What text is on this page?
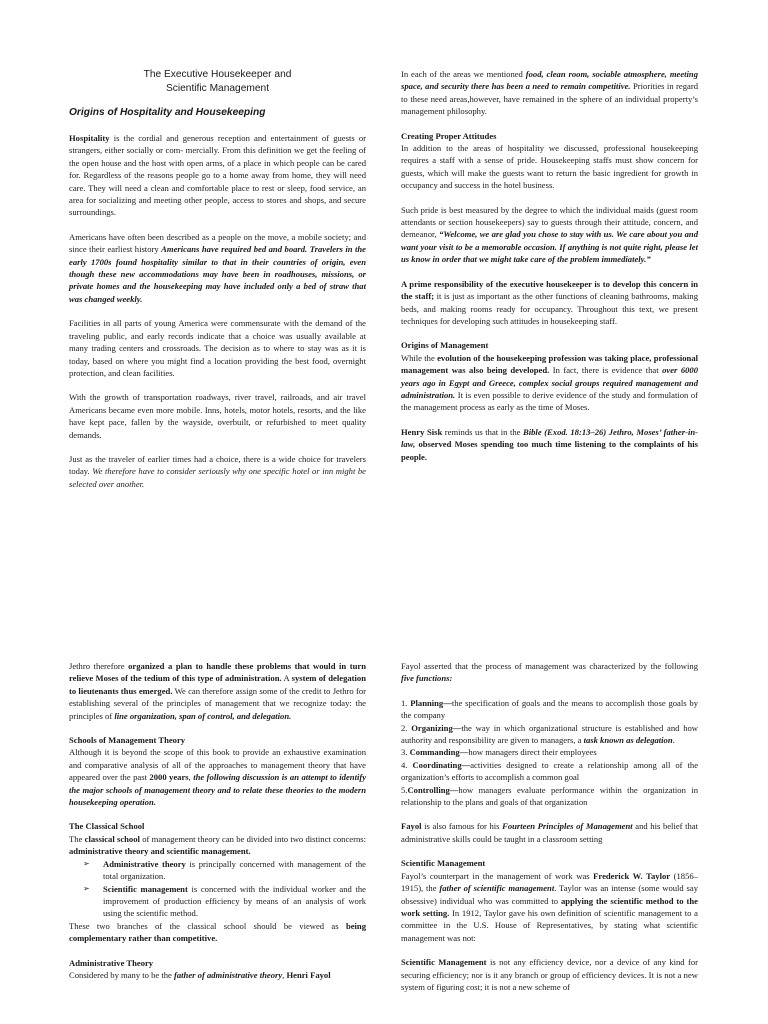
The Executive Housekeeper and
Scientific Management
Origins of Hospitality and Housekeeping

Hospitality is the cordial and generous reception and entertainment of guests or strangers, either socially or com- mercially. From this definition we get the feeling of the open house and the host with open arms, of a place in which people can be cared for. Regardless of the reasons people go to a home away from home, they will need care. They will need a clean and comfortable place to rest or sleep, food service, an area for socializing and meeting other people, access to stores and shops, and secure surroundings.

Americans have often been described as a people on the move, a mobile society; and since their earliest history Americans have required bed and board. Travelers in the early 1700s found hospitality similar to that in their countries of origin, even though these new accommodations may have been in roadhouses, missions, or private homes and the housekeeping may have included only a bed of straw that was changed weekly.

Facilities in all parts of young America were commensurate with the demand of the traveling public, and early records indicate that a choice was usually available at many trading centers and crossroads. The decision as to where to stay was as it is today, based on where you might find a location providing the best food, overnight protection, and clean facilities.

With the growth of transportation roadways, river travel, railroads, and air travel Americans became even more mobile. Inns, hotels, motor hotels, resorts, and the like have kept pace, fallen by the wayside, overbuilt, or refurbished to meet quality demands.

Just as the traveler of earlier times had a choice, there is a wide choice for travelers today. We therefore have to consider seriously why one specific hotel or inn might be selected over another.

In each of the areas we mentioned food, clean room, sociable atmosphere, meeting space, and security there has been a need to remain competitive. Priorities in regard to these need areas,however, have remained in the sphere of an individual property’s management philosophy.

Creating Proper Attitudes
In addition to the areas of hospitality we discussed, professional housekeeping requires a staff with a sense of pride. Housekeeping staffs must show concern for guests, which will make the guests want to return the basic ingredient for growth in occupancy and success in the hotel business.

Such pride is best measured by the degree to which the individual maids (guest room attendants or section housekeepers) say to guests through their attitude, concern, and demeanor, “Welcome, we are glad you chose to stay with us. We care about you and want your visit to be a memorable occasion. If anything is not quite right, please let us know in order that we might take care of the problem immediately.”

A prime responsibility of the executive housekeeper is to develop this concern in the staff; it is just as important as the other functions of cleaning bathrooms, making beds, and making rooms ready for occupancy. Throughout this text, we present techniques for developing such attitudes in housekeeping staff.

Origins of Management
While the evolution of the housekeeping profession was taking place, professional management was also being developed. In fact, there is evidence that over 6000 years ago in Egypt and Greece, complex social groups required management and administration. It is even possible to derive evidence of the study and formulation of the management process as early as the time of Moses.

Henry Sisk reminds us that in the Bible (Exod. 18:13–26) Jethro, Moses’ father-in-law, observed Moses spending too much time listening to the complaints of his people.

Jethro therefore organized a plan to handle these problems that would in turn relieve Moses of the tedium of this type of administration. A system of delegation to lieutenants thus emerged. We can therefore assign some of the credit to Jethro for establishing several of the principles of management that we recognize today: the principles of line organization, span of control, and delegation.

Schools of Management Theory
Although it is beyond the scope of this book to provide an exhaustive examination and comparative analysis of all of the approaches to management theory that have appeared over the past 2000 years, the following discussion is an attempt to identify the major schools of management theory and to relate these theories to the modern housekeeping operation.
The Classical School
The classical school of management theory can be divided into two distinct concerns: administrative theory and scientific management.
➢ Administrative theory is principally concerned with management of the total organization.
➢ Scientific management is concerned with the individual worker and the improvement of production efficiency by means of an analysis of work using the scientific method.
These two branches of the classical school should be viewed as being complementary rather than competitive.
Administrative Theory
Considered by many to be the father of administrative theory, Henri Fayol

Fayol asserted that the process of management was characterized by the following five functions:

1. Planning—the specification of goals and the means to accomplish those goals by the company
2. Organizing—the way in which organizational structure is established and how authority and responsibility are given to managers, a task known as delegation.
3. Commanding—how managers direct their employees
4. Coordinating—activities designed to create a relationship among all of the organization’s efforts to accomplish a common goal
5.Controlling—how managers evaluate performance within the organization in relationship to the plans and goals of that organization

Fayol is also famous for his Fourteen Principles of Management and his belief that administrative skills could be taught in a classroom setting

Scientific Management
Fayol’s counterpart in the management of work was Frederick W. Taylor (1856–1915), the father of scientific management. Taylor was an intense (some would say obsessive) individual who was committed to applying the scientific method to the work setting. In 1912, Taylor gave his own definition of scientific management to a committee in the U.S. House of Representatives, by stating what scientific management was not:

Scientific Management is not any efficiency device, nor a device of any kind for securing efficiency; nor is it any branch or group of efficiency devices. It is not a new system of figuring cost; it is not a new scheme of
